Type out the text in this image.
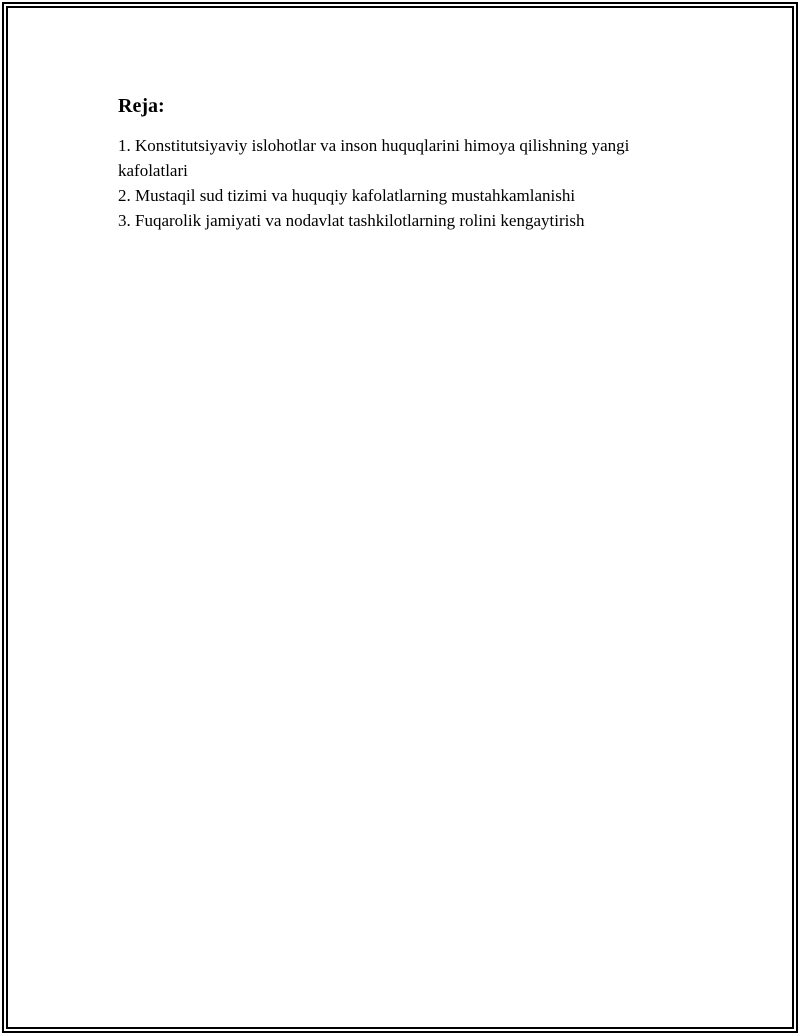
Reja:
1. Konstitutsiyaviy islohotlar va inson huquqlarini himoya qilishning yangi kafolatlari
2. Mustaqil sud tizimi va huquqiy kafolatlarning mustahkamlanishi
3. Fuqarolik jamiyati va nodavlat tashkilotlarning rolini kengaytirish
